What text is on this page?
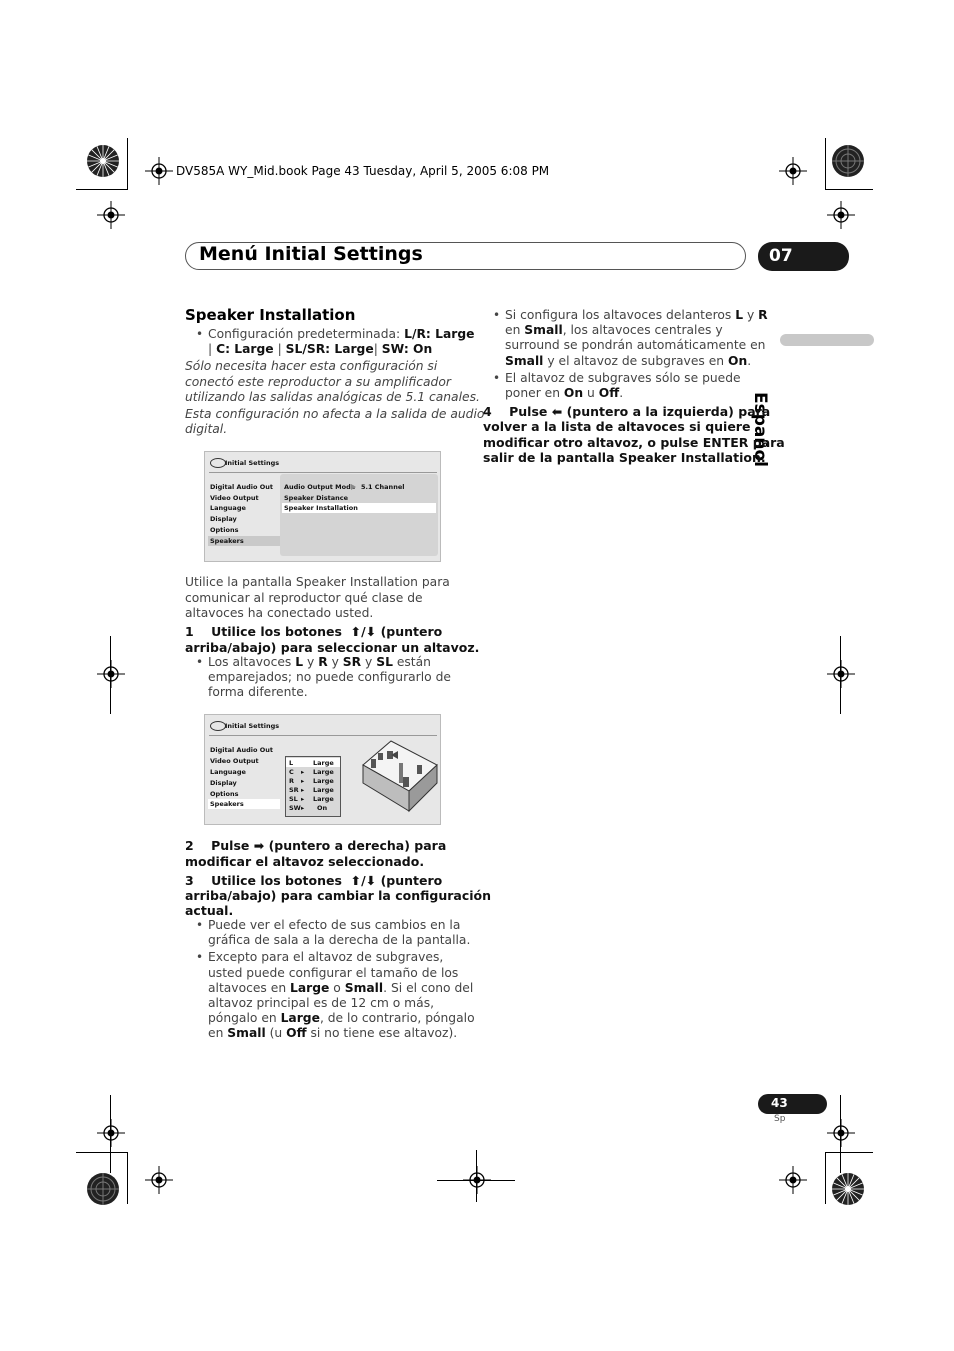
DV585A WY_Mid.book Page 43 Tuesday, April 5, 2005 6:08 PM
Menú Initial Settings	07
Español
Speaker Installation
• Configuración predeterminada: L/R: Large
| C: Large | SL/SR: Large| SW: On
Sólo necesita hacer esta configuración si
conectó este reproductor a su amplificador
utilizando las salidas analógicas de 5.1 canales.
Esta configuración no afecta a la salida de audio
digital.
Initial Settings
Digital Audio Out
Video Output
Language
Display
Options
Speakers
Audio Output Mode 5.1 Channel
Speaker Distance
Speaker Installation
Utilice la pantalla Speaker Installation para
comunicar al reproductor qué clase de
altavoces ha conectado usted.
1 Utilice los botones ⬆/⬇ (puntero
arriba/abajo) para seleccionar un altavoz.
• Los altavoces L y R y SR y SL están
emparejados; no puede configurarlo de
forma diferente.
Initial Settings
Digital Audio Out
Video Output
Language
Display
Options
Speakers
L	Large
C ▸ Large
R ▸ Large
SR ▸ Large
SL ▸ Large
SW ▸ On
2 Pulse ➡ (puntero a derecha) para
modificar el altavoz seleccionado.
3 Utilice los botones ⬆/⬇ (puntero
arriba/abajo) para cambiar la configuración
actual.
• Puede ver el efecto de sus cambios en la
gráfica de sala a la derecha de la pantalla.
• Excepto para el altavoz de subgraves,
usted puede configurar el tamaño de los
altavoces en Large o Small. Si el cono del
altavoz principal es de 12 cm o más,
póngalo en Large, de lo contrario, póngalo
en Small (u Off si no tiene ese altavoz).
• Si configura los altavoces delanteros L y R
en Small, los altavoces centrales y
surround se pondrán automáticamente en
Small y el altavoz de subgraves en On.
• El altavoz de subgraves sólo se puede
poner en On u Off.
4 Pulse ⬅ (puntero a la izquierda) para
volver a la lista de altavoces si quiere
modificar otro altavoz, o pulse ENTER para
salir de la pantalla Speaker Installation.
43
Sp
